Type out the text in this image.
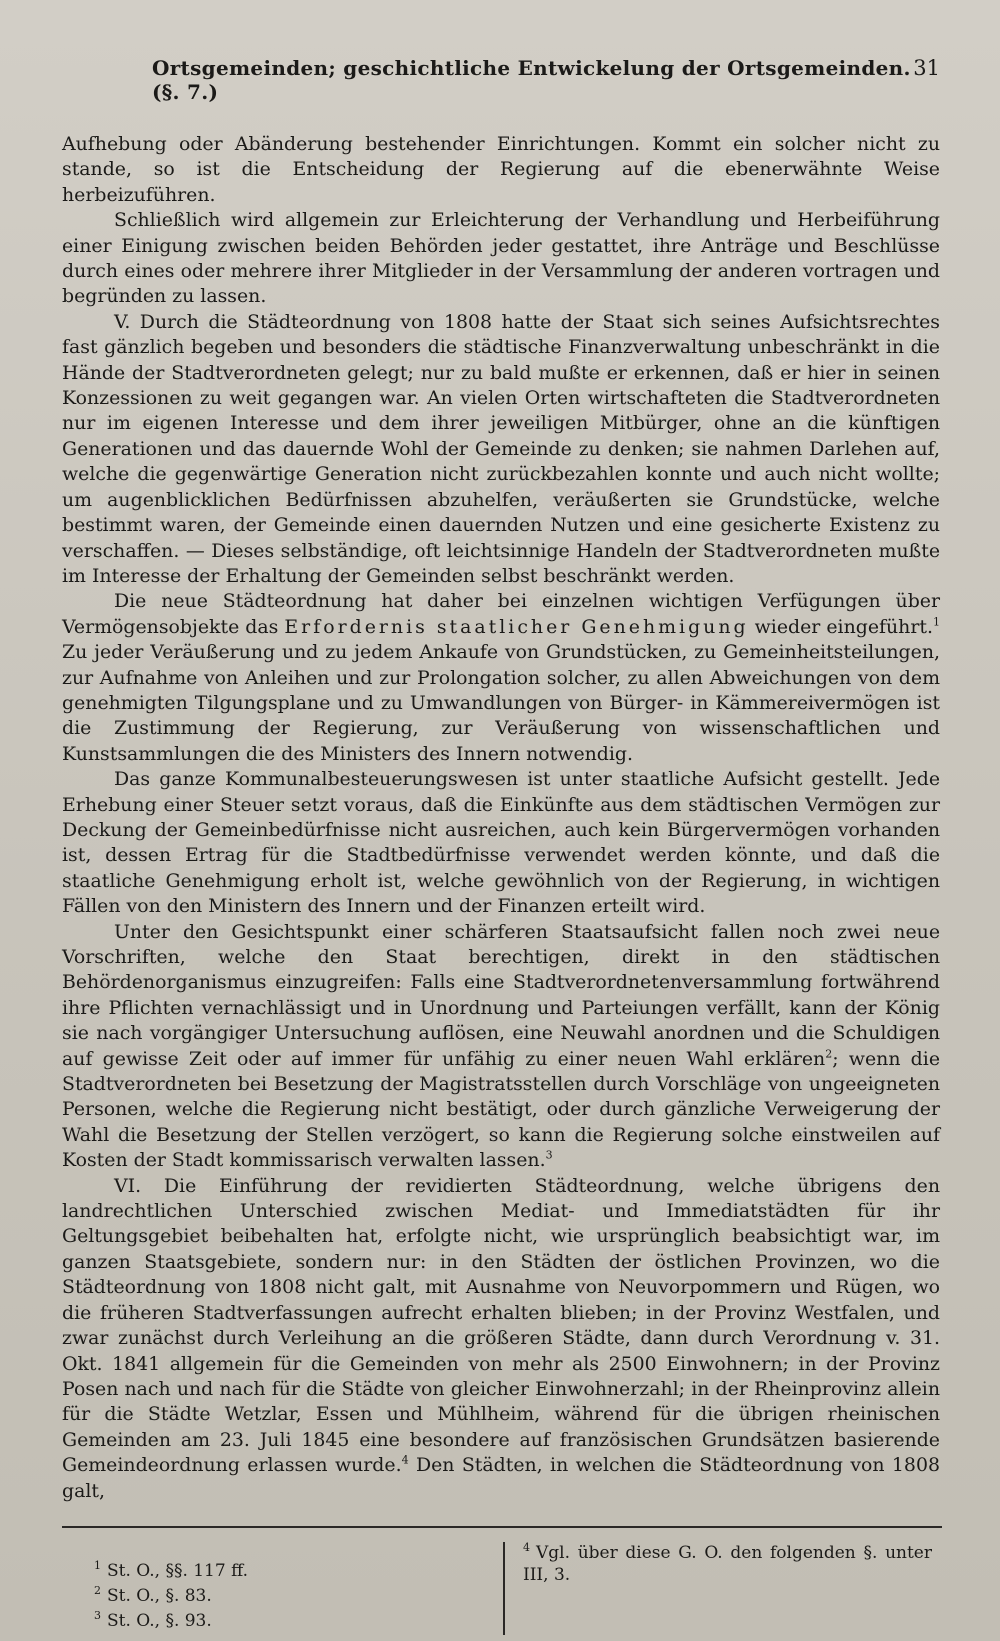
Ortsgemeinden; geschichtliche Entwickelung der Ortsgemeinden. (§. 7.)
31

Aufhebung oder Abänderung bestehender Einrichtungen. Kommt ein solcher nicht zu stande, so ist die Entscheidung der Regierung auf die ebenerwähnte Weise herbeizuführen.

Schließlich wird allgemein zur Erleichterung der Verhandlung und Herbeiführung einer Einigung zwischen beiden Behörden jeder gestattet, ihre Anträge und Beschlüsse durch eines oder mehrere ihrer Mitglieder in der Versammlung der anderen vortragen und begründen zu lassen.

V. Durch die Städteordnung von 1808 hatte der Staat sich seines Aufsichtsrechtes fast gänzlich begeben und besonders die städtische Finanzverwaltung unbeschränkt in die Hände der Stadtverordneten gelegt; nur zu bald mußte er erkennen, daß er hier in seinen Konzessionen zu weit gegangen war. An vielen Orten wirtschafteten die Stadtverordneten nur im eigenen Interesse und dem ihrer jeweiligen Mitbürger, ohne an die künftigen Generationen und das dauernde Wohl der Gemeinde zu denken; sie nahmen Darlehen auf, welche die gegenwärtige Generation nicht zurückbezahlen konnte und auch nicht wollte; um augenblicklichen Bedürfnissen abzuhelfen, veräußerten sie Grundstücke, welche bestimmt waren, der Gemeinde einen dauernden Nutzen und eine gesicherte Existenz zu verschaffen. — Dieses selbständige, oft leichtsinnige Handeln der Stadtverordneten mußte im Interesse der Erhaltung der Gemeinden selbst beschränkt werden.

Die neue Städteordnung hat daher bei einzelnen wichtigen Verfügungen über Vermögensobjekte das Erfordernis staatlicher Genehmigung wieder eingeführt.$^1$ Zu jeder Veräußerung und zu jedem Ankaufe von Grundstücken, zu Gemeinheitsteilungen, zur Aufnahme von Anleihen und zur Prolongation solcher, zu allen Abweichungen von dem genehmigten Tilgungsplane und zu Umwandlungen von Bürger- in Kämmereivermögen ist die Zustimmung der Regierung, zur Veräußerung von wissenschaftlichen und Kunstsammlungen die des Ministers des Innern notwendig.

Das ganze Kommunalbesteuerungswesen ist unter staatliche Aufsicht gestellt. Jede Erhebung einer Steuer setzt voraus, daß die Einkünfte aus dem städtischen Vermögen zur Deckung der Gemeinbedürfnisse nicht ausreichen, auch kein Bürgervermögen vorhanden ist, dessen Ertrag für die Stadtbedürfnisse verwendet werden könnte, und daß die staatliche Genehmigung erholt ist, welche gewöhnlich von der Regierung, in wichtigen Fällen von den Ministern des Innern und der Finanzen erteilt wird.

Unter den Gesichtspunkt einer schärferen Staatsaufsicht fallen noch zwei neue Vorschriften, welche den Staat berechtigen, direkt in den städtischen Behördenorganismus einzugreifen: Falls eine Stadtverordnetenversammlung fortwährend ihre Pflichten vernachlässigt und in Unordnung und Parteiungen verfällt, kann der König sie nach vorgängiger Untersuchung auflösen, eine Neuwahl anordnen und die Schuldigen auf gewisse Zeit oder auf immer für unfähig zu einer neuen Wahl erklären$^2$; wenn die Stadtverordneten bei Besetzung der Magistratsstellen durch Vorschläge von ungeeigneten Personen, welche die Regierung nicht bestätigt, oder durch gänzliche Verweigerung der Wahl die Besetzung der Stellen verzögert, so kann die Regierung solche einstweilen auf Kosten der Stadt kommissarisch verwalten lassen.$^3$

VI. Die Einführung der revidierten Städteordnung, welche übrigens den landrechtlichen Unterschied zwischen Mediat- und Immediatstädten für ihr Geltungsgebiet beibehalten hat, erfolgte nicht, wie ursprünglich beabsichtigt war, im ganzen Staatsgebiete, sondern nur: in den Städten der östlichen Provinzen, wo die Städteordnung von 1808 nicht galt, mit Ausnahme von Neuvorpommern und Rügen, wo die früheren Stadtverfassungen aufrecht erhalten blieben; in der Provinz Westfalen, und zwar zunächst durch Verleihung an die größeren Städte, dann durch Verordnung v. 31. Okt. 1841 allgemein für die Gemeinden von mehr als 2500 Einwohnern; in der Provinz Posen nach und nach für die Städte von gleicher Einwohnerzahl; in der Rheinprovinz allein für die Städte Wetzlar, Essen und Mühlheim, während für die übrigen rheinischen Gemeinden am 23. Juli 1845 eine besondere auf französischen Grundsätzen basierende Gemeindeordnung erlassen wurde.$^4$ Den Städten, in welchen die Städteordnung von 1808 galt,

$^1$ St. O., §§. 117 ff.
$^2$ St. O., §. 83.
$^3$ St. O., §. 93.
$^4$ Vgl. über diese G. O. den folgenden §. unter III, 3.
